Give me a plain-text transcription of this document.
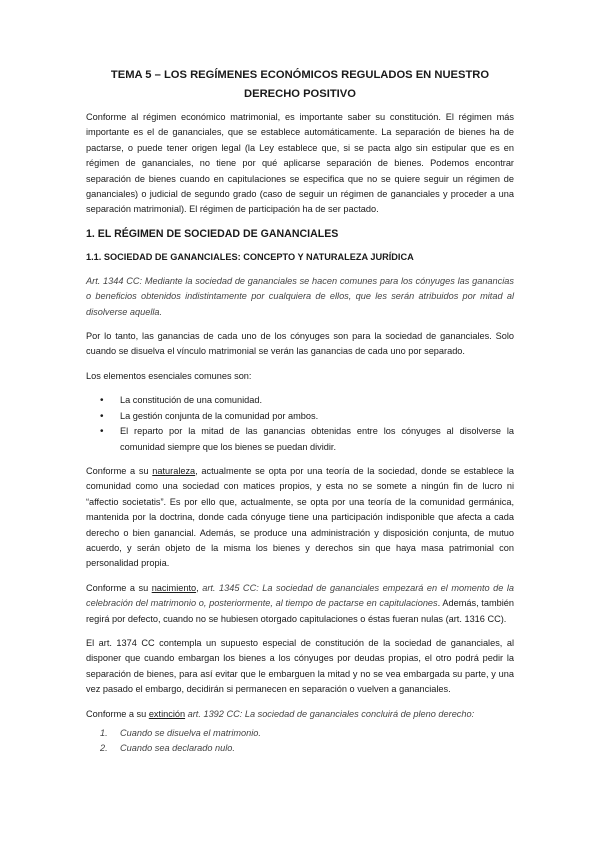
TEMA 5 – LOS REGÍMENES ECONÓMICOS REGULADOS EN NUESTRO DERECHO POSITIVO

Conforme al régimen económico matrimonial, es importante saber su constitución. El régimen más importante es el de gananciales, que se establece automáticamente. La separación de bienes ha de pactarse, o puede tener origen legal (la Ley establece que, si se pacta algo sin estipular que es en régimen de gananciales, no tiene por qué aplicarse separación de bienes. Podemos encontrar separación de bienes cuando en capitulaciones se especifica que no se quiere seguir un régimen de gananciales) o judicial de segundo grado (caso de seguir un régimen de gananciales y proceder a una separación matrimonial). El régimen de participación ha de ser pactado.

1. EL RÉGIMEN DE SOCIEDAD DE GANANCIALES
1.1. SOCIEDAD DE GANANCIALES: CONCEPTO Y NATURALEZA JURÍDICA

Art. 1344 CC: Mediante la sociedad de gananciales se hacen comunes para los cónyuges las ganancias o beneficios obtenidos indistintamente por cualquiera de ellos, que les serán atribuidos por mitad al disolverse aquella.

Por lo tanto, las ganancias de cada uno de los cónyuges son para la sociedad de gananciales. Solo cuando se disuelva el vínculo matrimonial se verán las ganancias de cada uno por separado.

Los elementos esenciales comunes son:

• La constitución de una comunidad.
• La gestión conjunta de la comunidad por ambos.
• El reparto por la mitad de las ganancias obtenidas entre los cónyuges al disolverse la comunidad siempre que los bienes se puedan dividir.

Conforme a su naturaleza, actualmente se opta por una teoría de la sociedad, donde se establece la comunidad como una sociedad con matices propios, y esta no se somete a ningún fin de lucro ni “affectio societatis”. Es por ello que, actualmente, se opta por una teoría de la comunidad germánica, mantenida por la doctrina, donde cada cónyuge tiene una participación indisponible que afecta a cada derecho o bien ganancial. Además, se produce una administración y disposición conjunta, de mutuo acuerdo, y serán objeto de la misma los bienes y derechos sin que haya masa patrimonial con personalidad propia.

Conforme a su nacimiento, art. 1345 CC: La sociedad de gananciales empezará en el momento de la celebración del matrimonio o, posteriormente, al tiempo de pactarse en capitulaciones. Además, también regirá por defecto, cuando no se hubiesen otorgado capitulaciones o éstas fueran nulas (art. 1316 CC).

El art. 1374 CC contempla un supuesto especial de constitución de la sociedad de gananciales, al disponer que cuando embargan los bienes a los cónyuges por deudas propias, el otro podrá pedir la separación de bienes, para así evitar que le embarguen la mitad y no se vea embargada su parte, y una vez pasado el embargo, decidirán si permanecen en separación o vuelven a gananciales.

Conforme a su extinción art. 1392 CC: La sociedad de gananciales concluirá de pleno derecho:

1. Cuando se disuelva el matrimonio.
2. Cuando sea declarado nulo.
